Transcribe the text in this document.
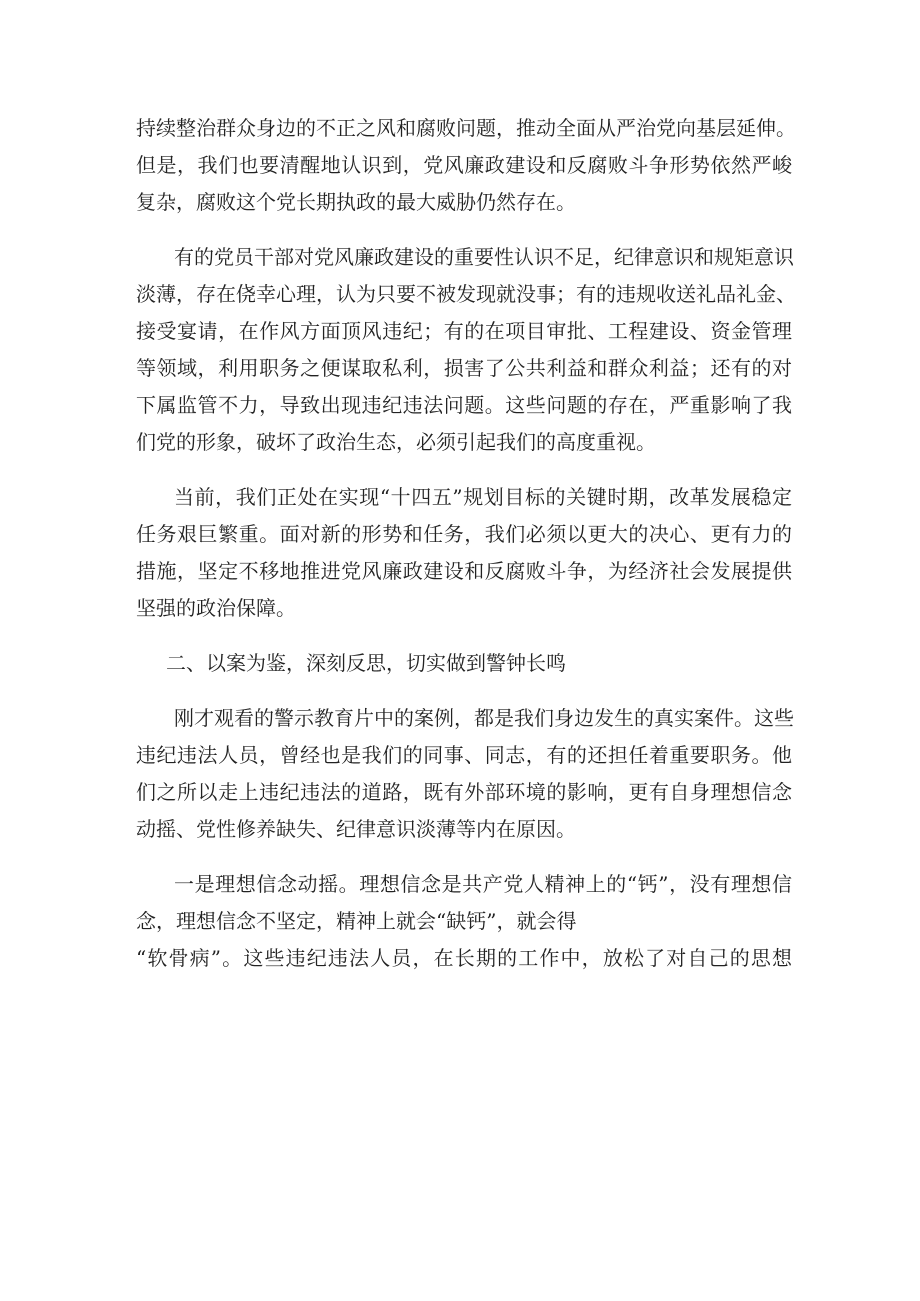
持续整治群众身边的不正之风和腐败问题，推动全面从严治党向基层延伸。
但是，我们也要清醒地认识到，党风廉政建设和反腐败斗争形势依然严峻
复杂，腐败这个党长期执政的最大威胁仍然存在。
有的党员干部对党风廉政建设的重要性认识不足，纪律意识和规矩意识
淡薄，存在侥幸心理，认为只要不被发现就没事；有的违规收送礼品礼金、
接受宴请，在作风方面顶风违纪；有的在项目审批、工程建设、资金管理
等领域，利用职务之便谋取私利，损害了公共利益和群众利益；还有的对
下属监管不力，导致出现违纪违法问题。这些问题的存在，严重影响了我
们党的形象，破坏了政治生态，必须引起我们的高度重视。
当前，我们正处在实现“十四五”规划目标的关键时期，改革发展稳定
任务艰巨繁重。面对新的形势和任务，我们必须以更大的决心、更有力的
措施，坚定不移地推进党风廉政建设和反腐败斗争，为经济社会发展提供
坚强的政治保障。
二、以案为鉴，深刻反思，切实做到警钟长鸣
刚才观看的警示教育片中的案例，都是我们身边发生的真实案件。这些
违纪违法人员，曾经也是我们的同事、同志，有的还担任着重要职务。他
们之所以走上违纪违法的道路，既有外部环境的影响，更有自身理想信念
动摇、党性修养缺失、纪律意识淡薄等内在原因。
一是理想信念动摇。理想信念是共产党人精神上的“钙”，没有理想信
念，理想信念不坚定，精神上就会“缺钙”，就会得
“软骨病”。这些违纪违法人员，在长期的工作中，放松了对自己的思想
